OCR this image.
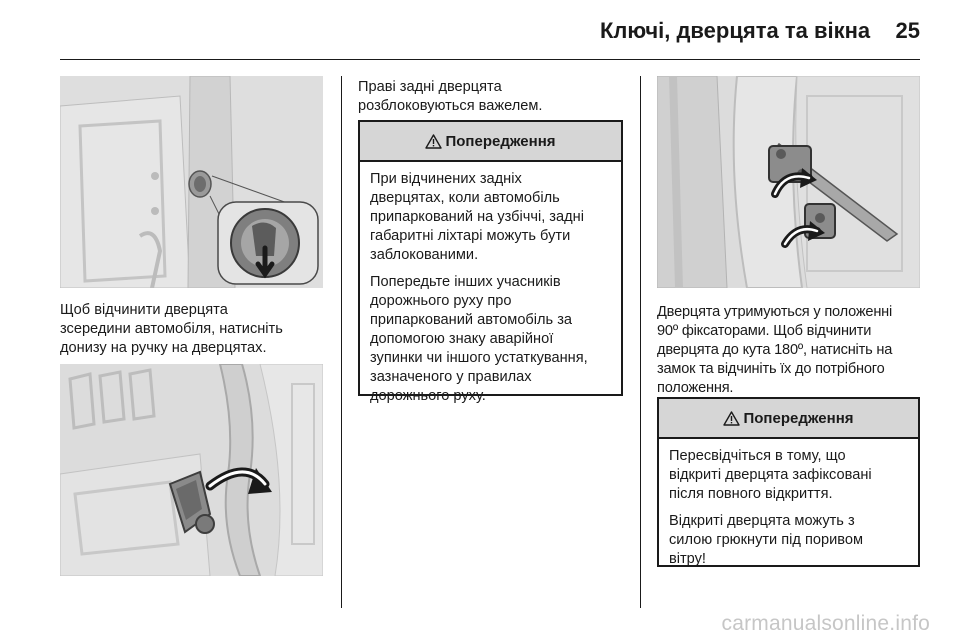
Ключі, дверцята та вікна	25
Щоб відчинити дверцята
зсередини автомобіля, натисніть
донизу на ручку на дверцятах.
Праві задні дверцята
розблоковуються важелем.
Попередження

При відчинених задніх
дверцятах, коли автомобіль
припаркований на узбіччі, задні
габаритні ліхтарі можуть бути
заблокованими.

Попередьте інших учасників
дорожнього руху про
припаркований автомобіль за
допомогою знаку аварійної
зупинки чи іншого устаткування,
зазначеного у правилах
дорожнього руху.

Дверцята утримуються у положенні
90º фіксаторами. Щоб відчинити
дверцята до кута 180º, натисніть на
замок та відчиніть їх до потрібного
положення.
Попередження

Пересвідчіться в тому, що
відкриті дверцята зафіксовані
після повного відкриття.

Відкриті дверцята можуть з
силою грюкнути під поривом
вітру!

carmanualsonline.info
